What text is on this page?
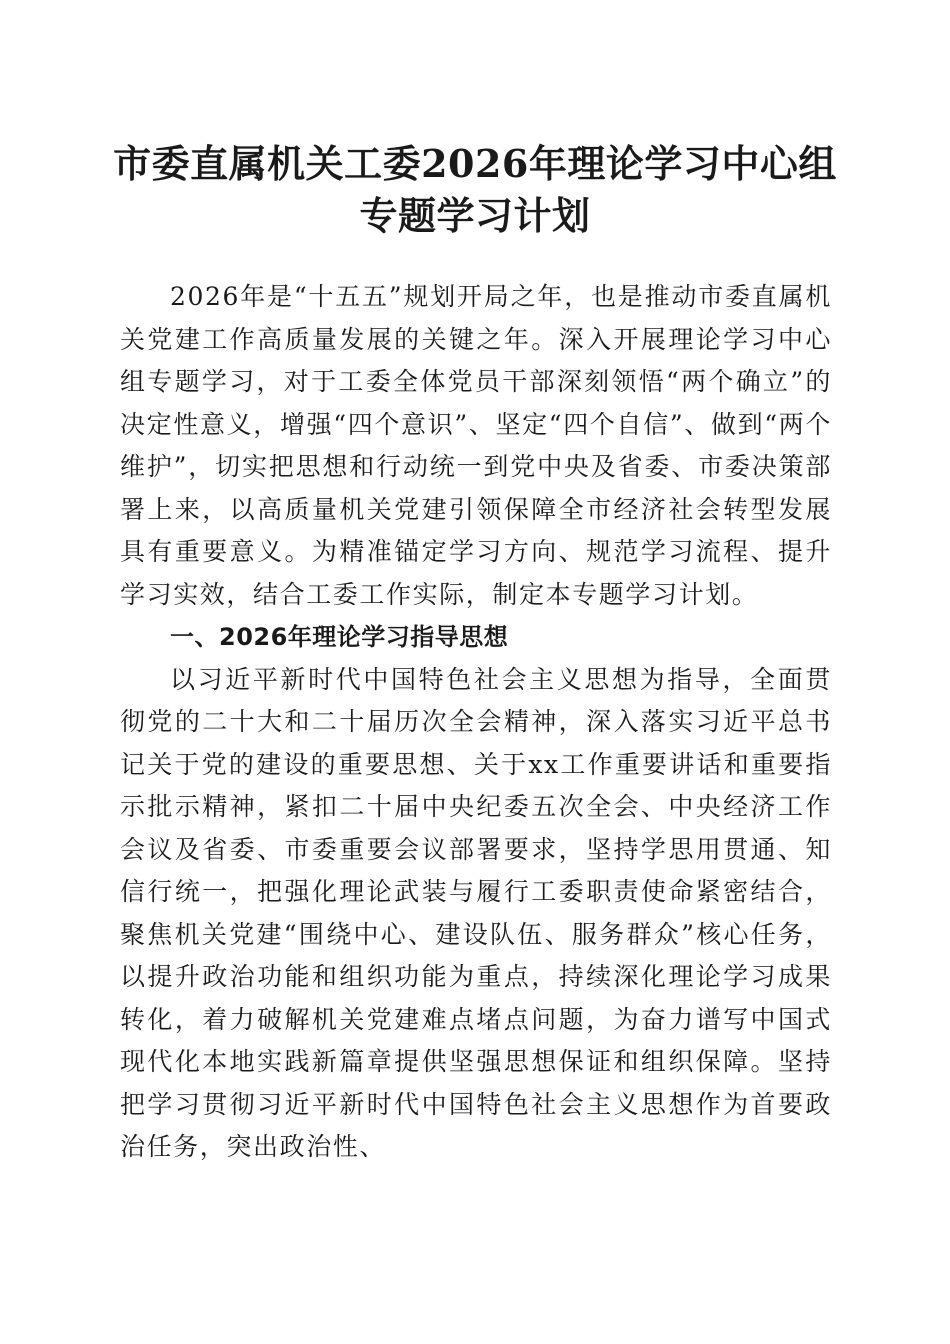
市委直属机关工委2026年理论学习中心组专题学习计划

2026年是“十五五”规划开局之年，也是推动市委直属机关党建工作高质量发展的关键之年。深入开展理论学习中心组专题学习，对于工委全体党员干部深刻领悟“两个确立”的决定性意义，增强“四个意识”、坚定“四个自信”、做到“两个维护”，切实把思想和行动统一到党中央及省委、市委决策部署上来，以高质量机关党建引领保障全市经济社会转型发展具有重要意义。为精准锚定学习方向、规范学习流程、提升学习实效，结合工委工作实际，制定本专题学习计划。

一、2026年理论学习指导思想

以习近平新时代中国特色社会主义思想为指导，全面贯彻党的二十大和二十届历次全会精神，深入落实习近平总书记关于党的建设的重要思想、关于xx工作重要讲话和重要指示批示精神，紧扣二十届中央纪委五次全会、中央经济工作会议及省委、市委重要会议部署要求，坚持学思用贯通、知信行统一，把强化理论武装与履行工委职责使命紧密结合，聚焦机关党建“围绕中心、建设队伍、服务群众”核心任务，以提升政治功能和组织功能为重点，持续深化理论学习成果转化，着力破解机关党建难点堵点问题，为奋力谱写中国式现代化本地实践新篇章提供坚强思想保证和组织保障。坚持把学习贯彻习近平新时代中国特色社会主义思想作为首要政治任务，突出政治性、
